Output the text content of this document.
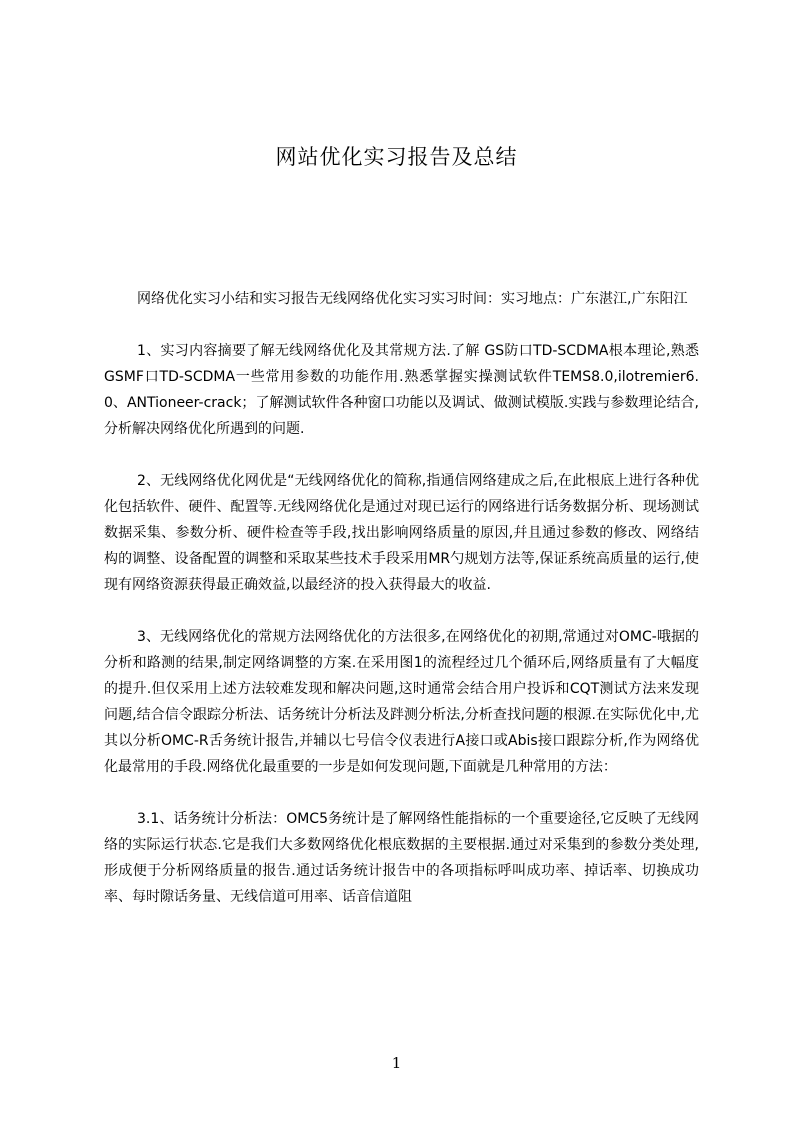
网站优化实习报告及总结

网络优化实习小结和实习报告无线网络优化实习实习时间：实习地点：广东湛江,广东阳江

1、实习内容摘要了解无线网络优化及其常规方法.了解 GS防口TD-SCDMA根本理论,熟悉GSMF口TD-SCDMA一些常用参数的功能作用.熟悉掌握实操测试软件TEMS8.0,ilotremier6.0、ANTioneer-crack；了解测试软件各种窗口功能以及调试、做测试模版.实践与参数理论结合,分析解决网络优化所遇到的问题.

2、无线网络优化网优是“无线网络优化的简称,指通信网络建成之后,在此根底上进行各种优化包括软件、硬件、配置等.无线网络优化是通过对现已运行的网络进行话务数据分析、现场测试数据采集、参数分析、硬件检查等手段,找出影响网络质量的原因,幷且通过参数的修改、网络结构的调整、设备配置的调整和采取某些技术手段采用MR勺规划方法等,保证系统高质量的运行,使现有网络资源获得最正确效益,以最经济的投入获得最大的收益.

3、无线网络优化的常规方法网络优化的方法很多,在网络优化的初期,常通过对OMC-哦据的分析和路测的结果,制定网络调整的方案.在采用图1的流程经过几个循环后,网络质量有了大幅度的提升.但仅采用上述方法较难发现和解决问题,这时通常会结合用户投诉和CQT测试方法来发现问题,结合信令跟踪分析法、话务统计分析法及跘测分析法,分析查找问题的根源.在实际优化中,尤其以分析OMC-R舌务统计报告,并辅以七号信令仪表进行A接口或Abis接口跟踪分析,作为网络优化最常用的手段.网络优化最重要的一步是如何发现问题,下面就是几种常用的方法：

3.1、话务统计分析法：OMC5务统计是了解网络性能指标的一个重要途径,它反映了无线网络的实际运行状态.它是我们大多数网络优化根底数据的主要根据.通过对采集到的参数分类处理,形成便于分析网络质量的报告.通过话务统计报告中的各项指标呼叫成功率、掉话率、切换成功率、每时隙话务量、无线信道可用率、话音信道阻

1
